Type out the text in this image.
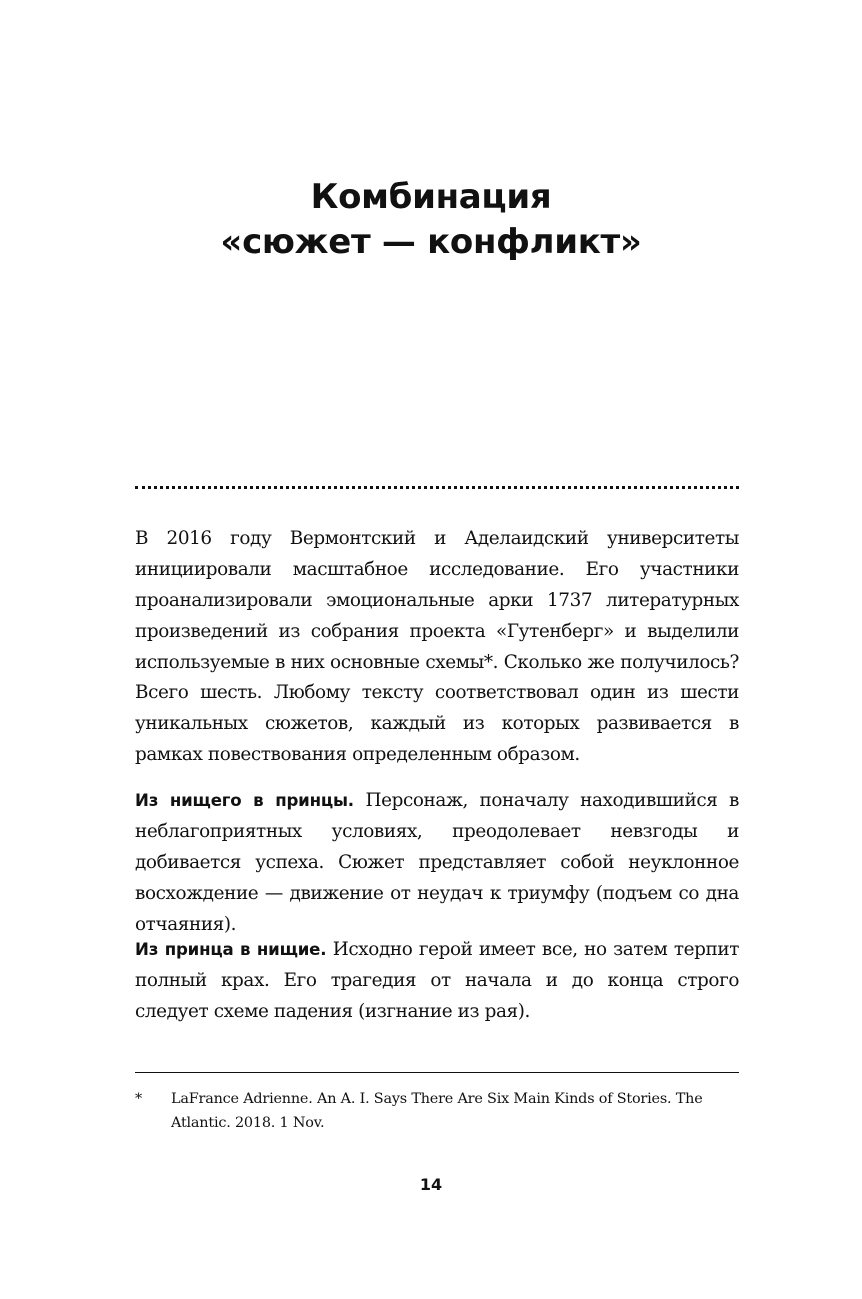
Комбинация
«сюжет — конфликт»

В 2016 году Вермонтский и Аделаидский университеты инициировали масштабное исследование. Его участники проанализировали эмоциональные арки 1737 литературных произведений из собрания проекта «Гутенберг» и выделили используемые в них основные схемы*. Сколько же получилось? Всего шесть. Любому тексту соответствовал один из шести уникальных сюжетов, каждый из которых развивается в рамках повествования определенным образом.

Из нищего в принцы. Персонаж, поначалу находившийся в неблагоприятных условиях, преодолевает невзгоды и добивается успеха. Сюжет представляет собой неуклонное восхождение — движение от неудач к триумфу (подъем со дна отчаяния).

Из принца в нищие. Исходно герой имеет все, но затем терпит полный крах. Его трагедия от начала и до конца строго следует схеме падения (изгнание из рая).

* LaFrance Adrienne. An A. I. Says There Are Six Main Kinds of Stories. The Atlantic. 2018. 1 Nov.
14
